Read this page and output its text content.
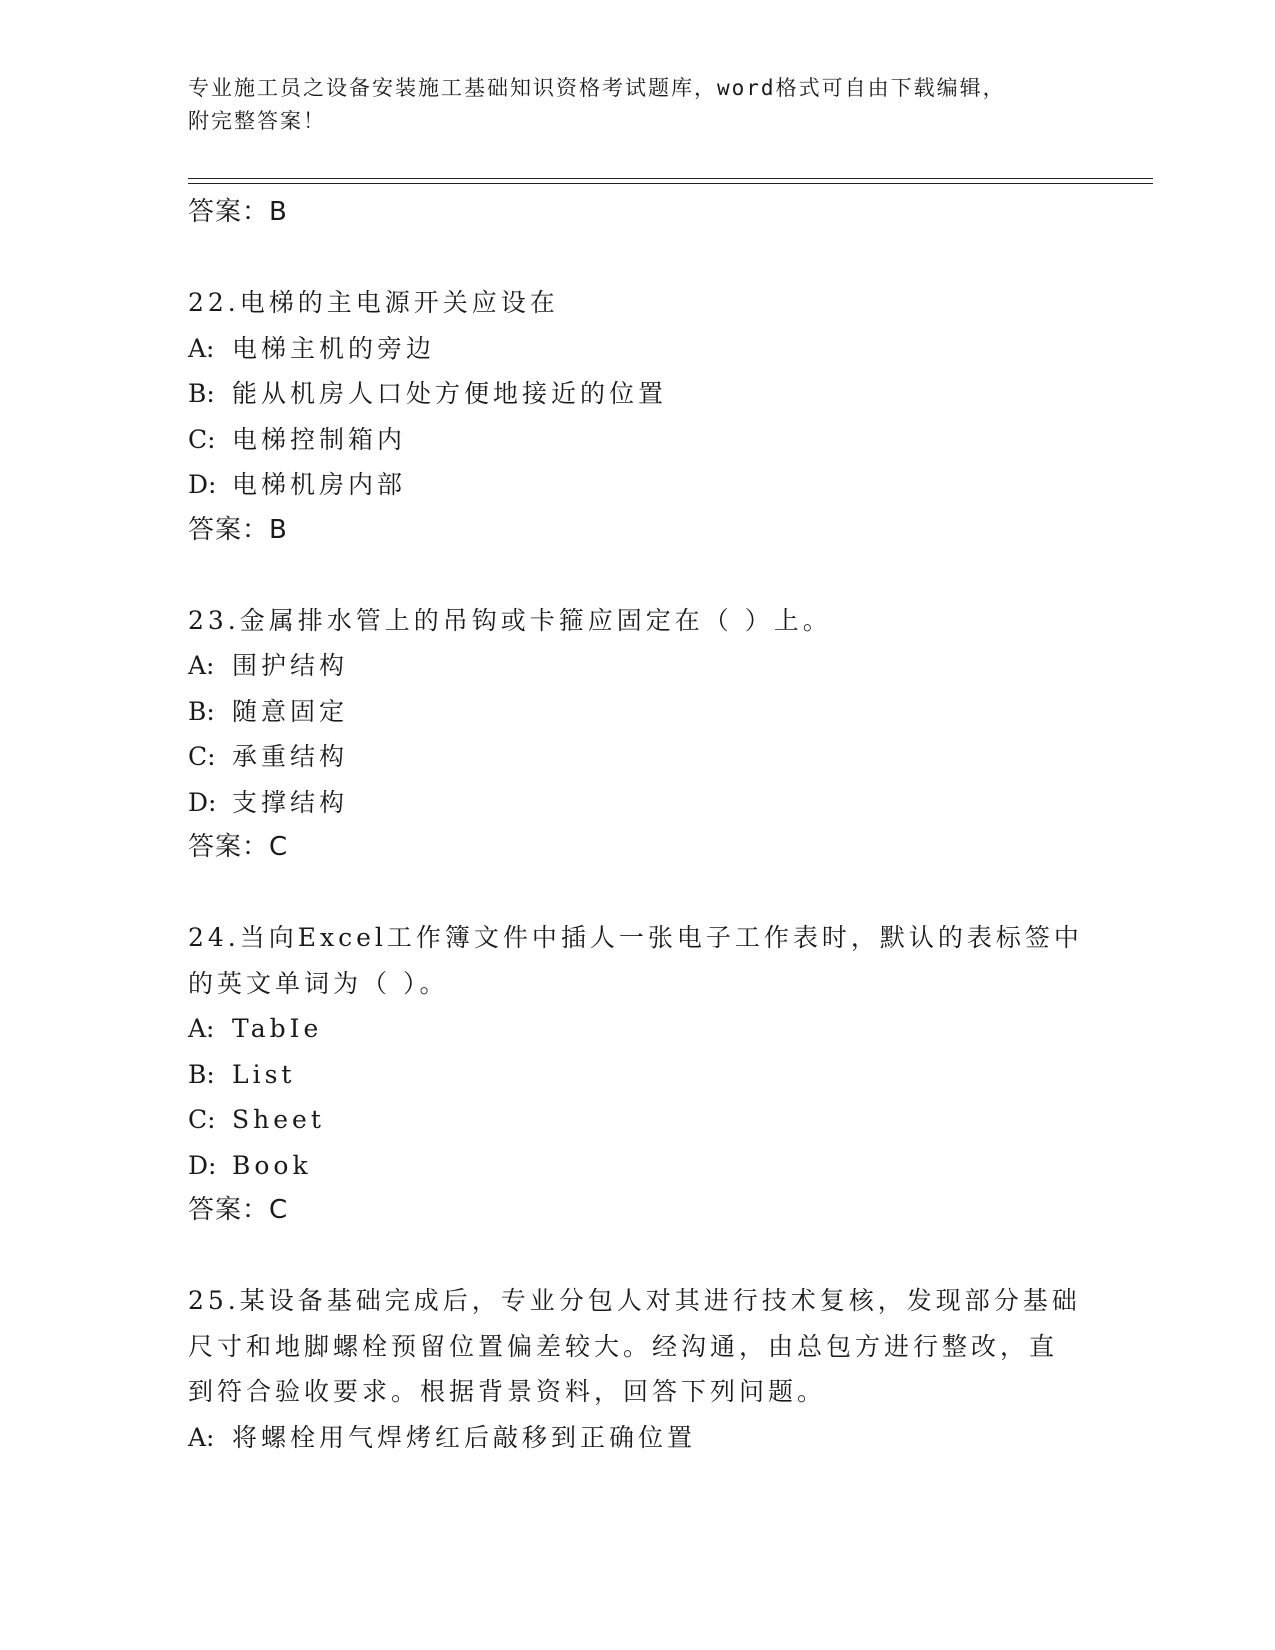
专业施工员之设备安装施工基础知识资格考试题库，word格式可自由下载编辑，
附完整答案！
答案：B
22.电梯的主电源开关应设在
A: 电梯主机的旁边
B: 能从机房人口处方便地接近的位置
C: 电梯控制箱内
D: 电梯机房内部
答案：B
23.金属排水管上的吊钩或卡箍应固定在（ ）上。
A: 围护结构
B: 随意固定
C: 承重结构
D: 支撑结构
答案：C
24.当向Excel工作簿文件中插人一张电子工作表时，默认的表标签中
的英文单词为（ ）。
A: TabIe
B: List
C: Sheet
D: Book
答案：C
25.某设备基础完成后，专业分包人对其进行技术复核，发现部分基础
尺寸和地脚螺栓预留位置偏差较大。经沟通，由总包方进行整改，直
到符合验收要求。根据背景资料，回答下列问题。
A: 将螺栓用气焊烤红后敲移到正确位置
